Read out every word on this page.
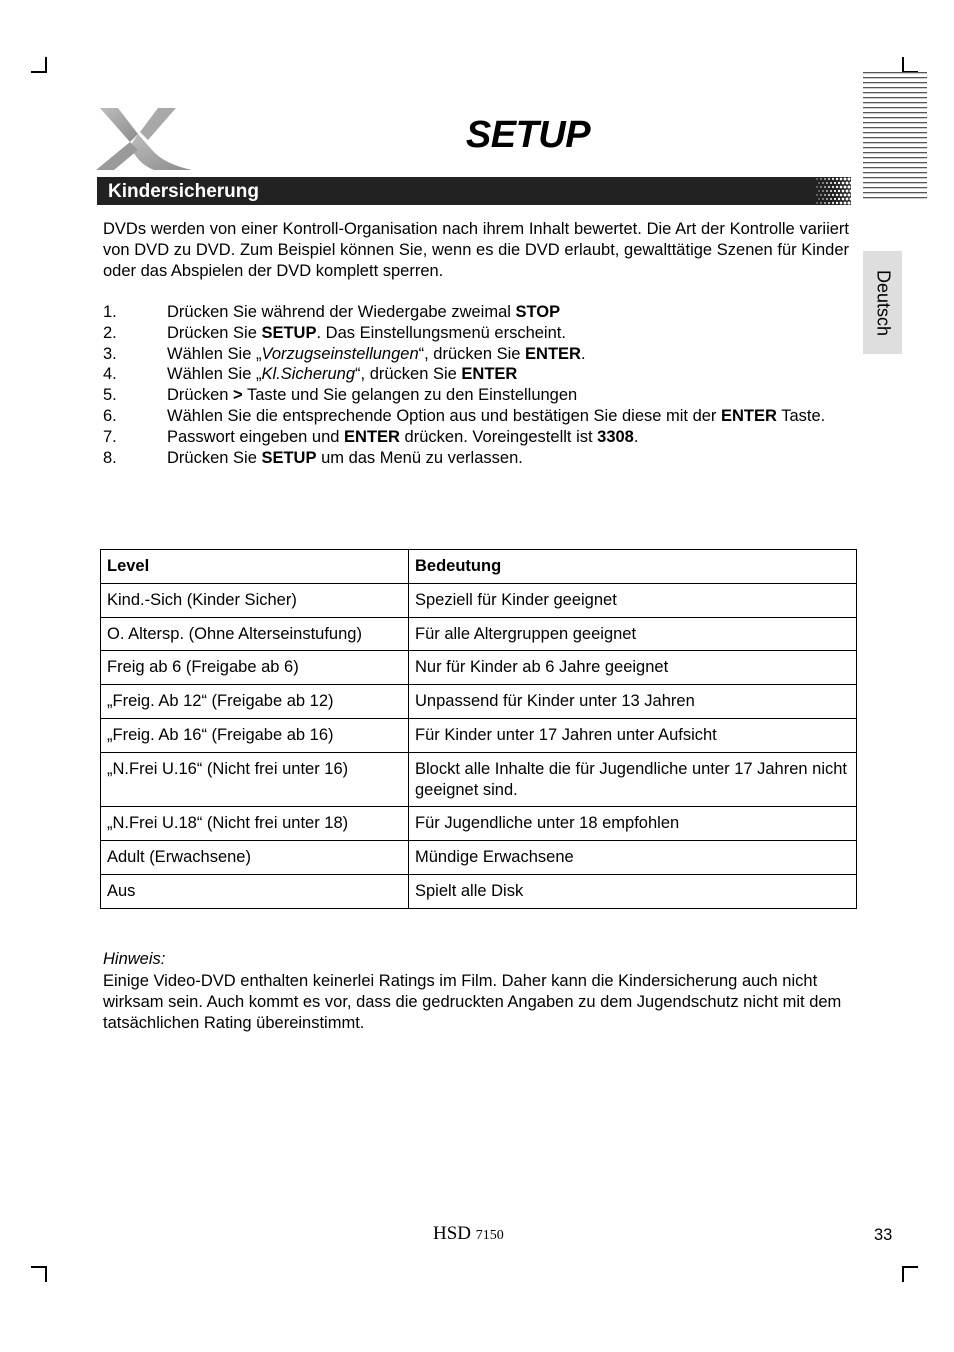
SETUP
Kindersicherung
Deutsch

DVDs werden von einer Kontroll-Organisation nach ihrem Inhalt bewertet. Die Art der Kontrolle variiert von DVD zu DVD. Zum Beispiel können Sie, wenn es die DVD erlaubt, gewalttätige Szenen für Kinder oder das Abspielen der DVD komplett sperren.

1.	Drücken Sie während der Wiedergabe zweimal STOP
2.	Drücken Sie SETUP. Das Einstellungsmenü erscheint.
3.	Wählen Sie „Vorzugseinstellungen“, drücken Sie ENTER.
4.	Wählen Sie „Kl.Sicherung“, drücken Sie ENTER
5.	Drücken > Taste und Sie gelangen zu den Einstellungen
6.	Wählen Sie die entsprechende Option aus und bestätigen Sie diese mit der ENTER Taste.
7.	Passwort eingeben und ENTER drücken. Voreingestellt ist 3308.
8.	Drücken Sie SETUP um das Menü zu verlassen.
Level	Bedeutung
Kind.-Sich (Kinder Sicher)	Speziell für Kinder geeignet
O. Altersp. (Ohne Alterseinstufung)	Für alle Altergruppen geeignet
Freig ab 6 (Freigabe ab 6)	Nur für Kinder ab 6 Jahre geeignet
„Freig. Ab 12“ (Freigabe ab 12)	Unpassend für Kinder unter 13 Jahren
„Freig. Ab 16“ (Freigabe ab 16)	Für Kinder unter 17 Jahren unter Aufsicht
„N.Frei U.16“ (Nicht frei unter 16)	Blockt alle Inhalte die für Jugendliche unter 17 Jahren nicht geeignet sind.
„N.Frei U.18“ (Nicht frei unter 18)	Für Jugendliche unter 18 empfohlen
Adult (Erwachsene)	Mündige Erwachsene
Aus	Spielt alle Disk
Hinweis:

Einige Video-DVD enthalten keinerlei Ratings im Film. Daher kann die Kindersicherung auch nicht wirksam sein. Auch kommt es vor, dass die gedruckten Angaben zu dem Jugendschutz nicht mit dem tatsächlichen Rating übereinstimmt.

HSD 7150	33
